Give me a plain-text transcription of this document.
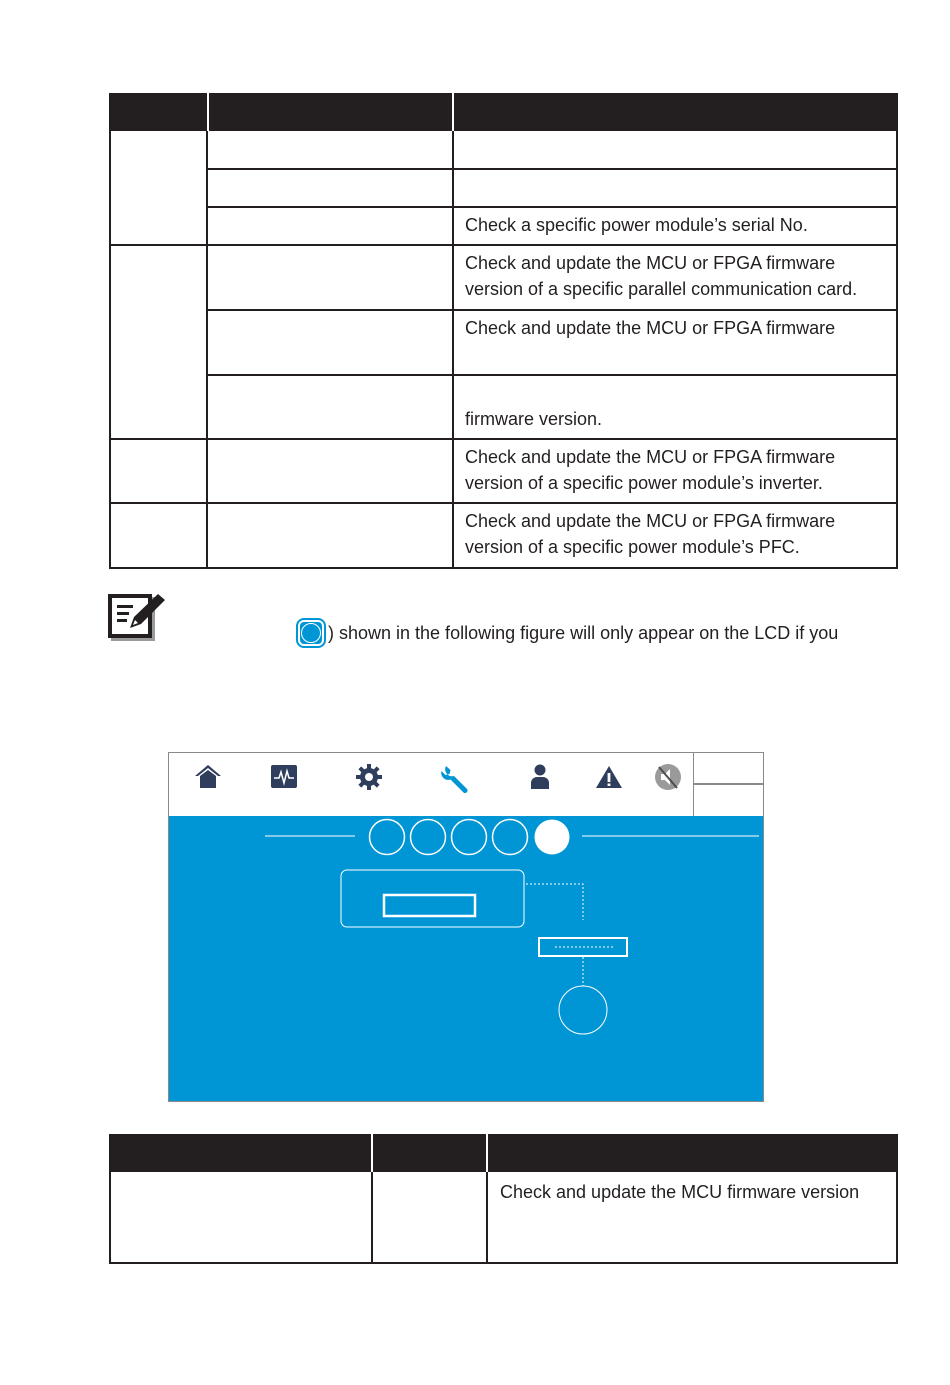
Check a specific power module’s serial No.
Check and update the MCU or FPGA firmware
version of a specific parallel communication card.
Check and update the MCU or FPGA firmware
firmware version.
Check and update the MCU or FPGA firmware
version of a specific power module’s inverter.
Check and update the MCU or FPGA firmware
version of a specific power module’s PFC.
) shown in the following figure will only appear on the LCD if you
Check and update the MCU firmware version
